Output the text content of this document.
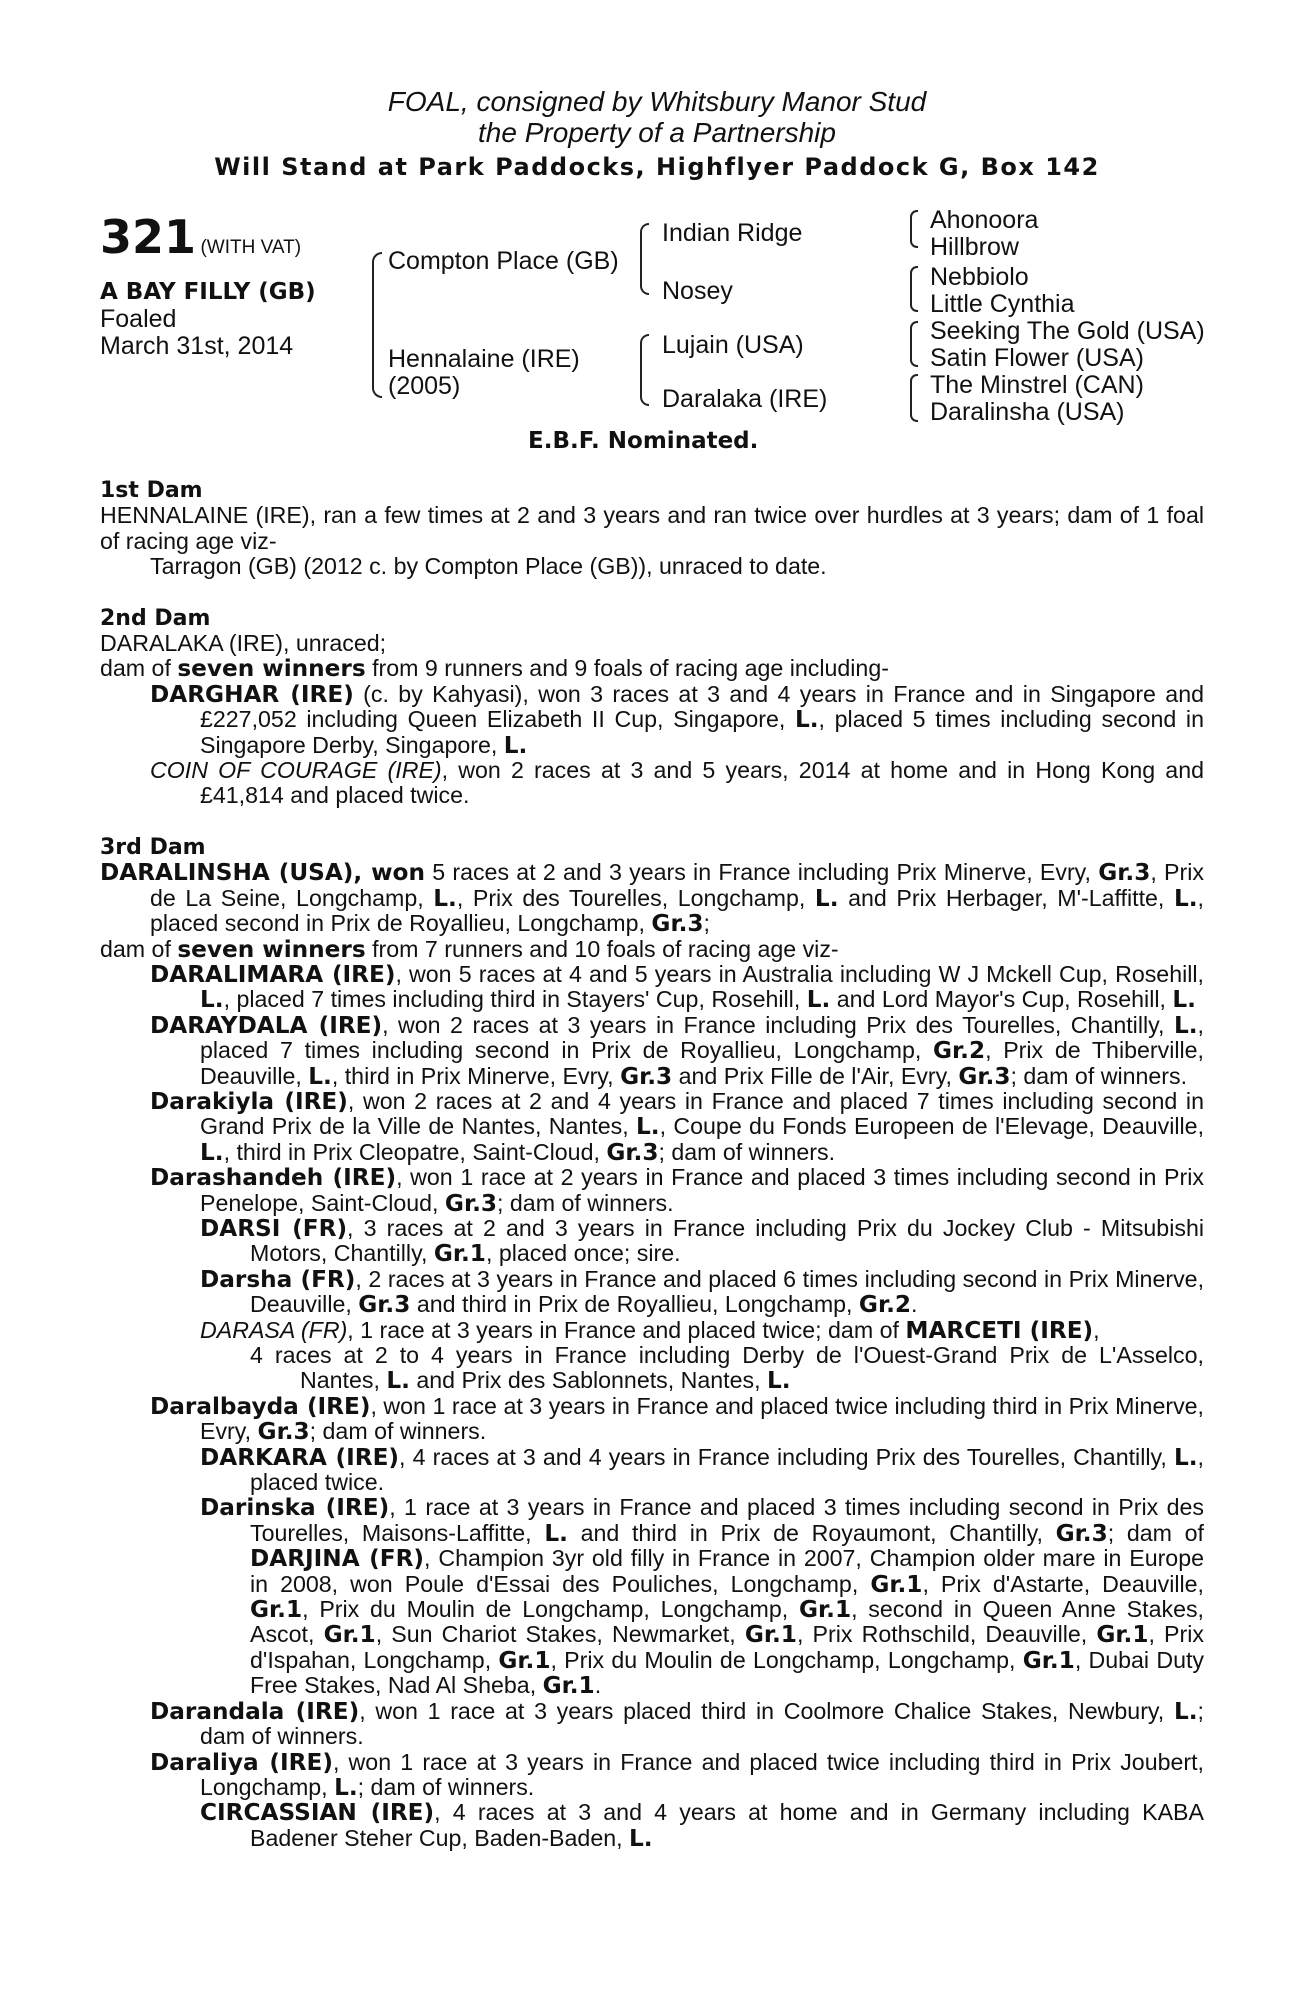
FOAL, consigned by Whitsbury Manor Stud
the Property of a Partnership
Will Stand at Park Paddocks, Highflyer Paddock G, Box 142
321 (WITH VAT)
A BAY FILLY (GB)
Foaled
March 31st, 2014
Compton Place (GB)
Hennalaine (IRE)
(2005)
Indian Ridge
Nosey
Lujain (USA)
Daralaka (IRE)
Ahonoora
Hillbrow
Nebbiolo
Little Cynthia
Seeking The Gold (USA)
Satin Flower (USA)
The Minstrel (CAN)
Daralinsha (USA)
E.B.F. Nominated.
1st Dam

HENNALAINE (IRE), ran a few times at 2 and 3 years and ran twice over hurdles at 3 years; dam of 1 foal of racing age viz-

Tarragon (GB) (2012 c. by Compton Place (GB)), unraced to date.

2nd Dam

DARALAKA (IRE), unraced;

dam of seven winners from 9 runners and 9 foals of racing age including-

DARGHAR (IRE) (c. by Kahyasi), won 3 races at 3 and 4 years in France and in Singapore and £227,052 including Queen Elizabeth II Cup, Singapore, L., placed 5 times including second in Singapore Derby, Singapore, L.

COIN OF COURAGE (IRE), won 2 races at 3 and 5 years, 2014 at home and in Hong Kong and £41,814 and placed twice.

3rd Dam

DARALINSHA (USA), won 5 races at 2 and 3 years in France including Prix Minerve, Evry, Gr.3, Prix de La Seine, Longchamp, L., Prix des Tourelles, Longchamp, L. and Prix Herbager, M'-Laffitte, L., placed second in Prix de Royallieu, Longchamp, Gr.3;

dam of seven winners from 7 runners and 10 foals of racing age viz-

DARALIMARA (IRE), won 5 races at 4 and 5 years in Australia including W J Mckell Cup, Rosehill, L., placed 7 times including third in Stayers' Cup, Rosehill, L. and Lord Mayor's Cup, Rosehill, L.

DARAYDALA (IRE), won 2 races at 3 years in France including Prix des Tourelles, Chantilly, L., placed 7 times including second in Prix de Royallieu, Longchamp, Gr.2, Prix de Thiberville, Deauville, L., third in Prix Minerve, Evry, Gr.3 and Prix Fille de l'Air, Evry, Gr.3; dam of winners.

Darakiyla (IRE), won 2 races at 2 and 4 years in France and placed 7 times including second in Grand Prix de la Ville de Nantes, Nantes, L., Coupe du Fonds Europeen de l'Elevage, Deauville, L., third in Prix Cleopatre, Saint-Cloud, Gr.3; dam of winners.

Darashandeh (IRE), won 1 race at 2 years in France and placed 3 times including second in Prix Penelope, Saint-Cloud, Gr.3; dam of winners.

DARSI (FR), 3 races at 2 and 3 years in France including Prix du Jockey Club - Mitsubishi Motors, Chantilly, Gr.1, placed once; sire.

Darsha (FR), 2 races at 3 years in France and placed 6 times including second in Prix Minerve, Deauville, Gr.3 and third in Prix de Royallieu, Longchamp, Gr.2.

DARASA (FR), 1 race at 3 years in France and placed twice; dam of MARCETI (IRE),

4 races at 2 to 4 years in France including Derby de l'Ouest-Grand Prix de L'Asselco, Nantes, L. and Prix des Sablonnets, Nantes, L.

Daralbayda (IRE), won 1 race at 3 years in France and placed twice including third in Prix Minerve, Evry, Gr.3; dam of winners.

DARKARA (IRE), 4 races at 3 and 4 years in France including Prix des Tourelles, Chantilly, L., placed twice.

Darinska (IRE), 1 race at 3 years in France and placed 3 times including second in Prix des Tourelles, Maisons-Laffitte, L. and third in Prix de Royaumont, Chantilly, Gr.3; dam of DARJINA (FR), Champion 3yr old filly in France in 2007, Champion older mare in Europe in 2008, won Poule d'Essai des Pouliches, Longchamp, Gr.1, Prix d'Astarte, Deauville, Gr.1, Prix du Moulin de Longchamp, Longchamp, Gr.1, second in Queen Anne Stakes, Ascot, Gr.1, Sun Chariot Stakes, Newmarket, Gr.1, Prix Rothschild, Deauville, Gr.1, Prix d'Ispahan, Longchamp, Gr.1, Prix du Moulin de Longchamp, Longchamp, Gr.1, Dubai Duty Free Stakes, Nad Al Sheba, Gr.1.

Darandala (IRE), won 1 race at 3 years placed third in Coolmore Chalice Stakes, Newbury, L.; dam of winners.

Daraliya (IRE), won 1 race at 3 years in France and placed twice including third in Prix Joubert, Longchamp, L.; dam of winners.

CIRCASSIAN (IRE), 4 races at 3 and 4 years at home and in Germany including KABA Badener Steher Cup, Baden-Baden, L.
